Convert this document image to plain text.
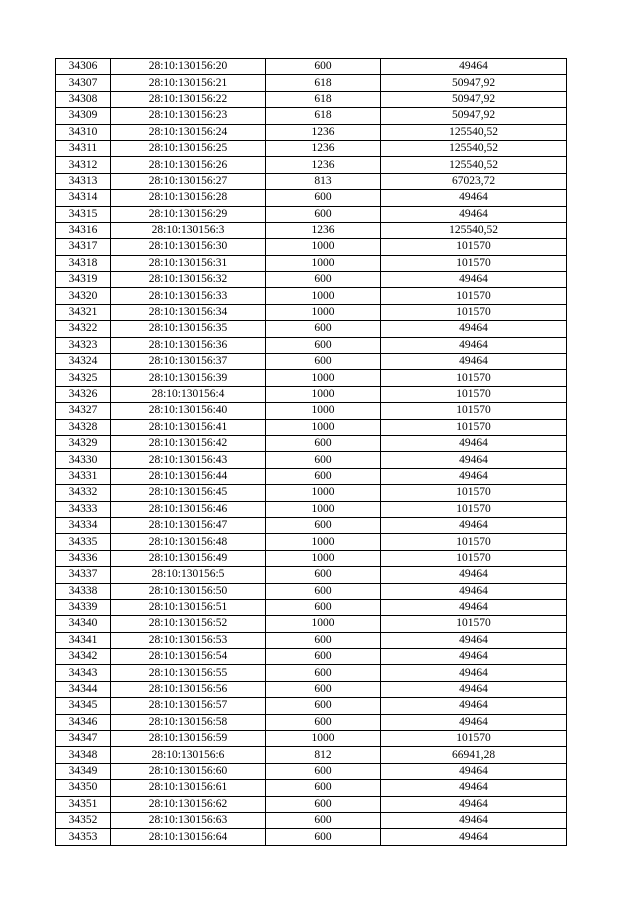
34306	28:10:130156:20	600	49464
34307	28:10:130156:21	618	50947,92
34308	28:10:130156:22	618	50947,92
34309	28:10:130156:23	618	50947,92
34310	28:10:130156:24	1236	125540,52
34311	28:10:130156:25	1236	125540,52
34312	28:10:130156:26	1236	125540,52
34313	28:10:130156:27	813	67023,72
34314	28:10:130156:28	600	49464
34315	28:10:130156:29	600	49464
34316	28:10:130156:3	1236	125540,52
34317	28:10:130156:30	1000	101570
34318	28:10:130156:31	1000	101570
34319	28:10:130156:32	600	49464
34320	28:10:130156:33	1000	101570
34321	28:10:130156:34	1000	101570
34322	28:10:130156:35	600	49464
34323	28:10:130156:36	600	49464
34324	28:10:130156:37	600	49464
34325	28:10:130156:39	1000	101570
34326	28:10:130156:4	1000	101570
34327	28:10:130156:40	1000	101570
34328	28:10:130156:41	1000	101570
34329	28:10:130156:42	600	49464
34330	28:10:130156:43	600	49464
34331	28:10:130156:44	600	49464
34332	28:10:130156:45	1000	101570
34333	28:10:130156:46	1000	101570
34334	28:10:130156:47	600	49464
34335	28:10:130156:48	1000	101570
34336	28:10:130156:49	1000	101570
34337	28:10:130156:5	600	49464
34338	28:10:130156:50	600	49464
34339	28:10:130156:51	600	49464
34340	28:10:130156:52	1000	101570
34341	28:10:130156:53	600	49464
34342	28:10:130156:54	600	49464
34343	28:10:130156:55	600	49464
34344	28:10:130156:56	600	49464
34345	28:10:130156:57	600	49464
34346	28:10:130156:58	600	49464
34347	28:10:130156:59	1000	101570
34348	28:10:130156:6	812	66941,28
34349	28:10:130156:60	600	49464
34350	28:10:130156:61	600	49464
34351	28:10:130156:62	600	49464
34352	28:10:130156:63	600	49464
34353	28:10:130156:64	600	49464
